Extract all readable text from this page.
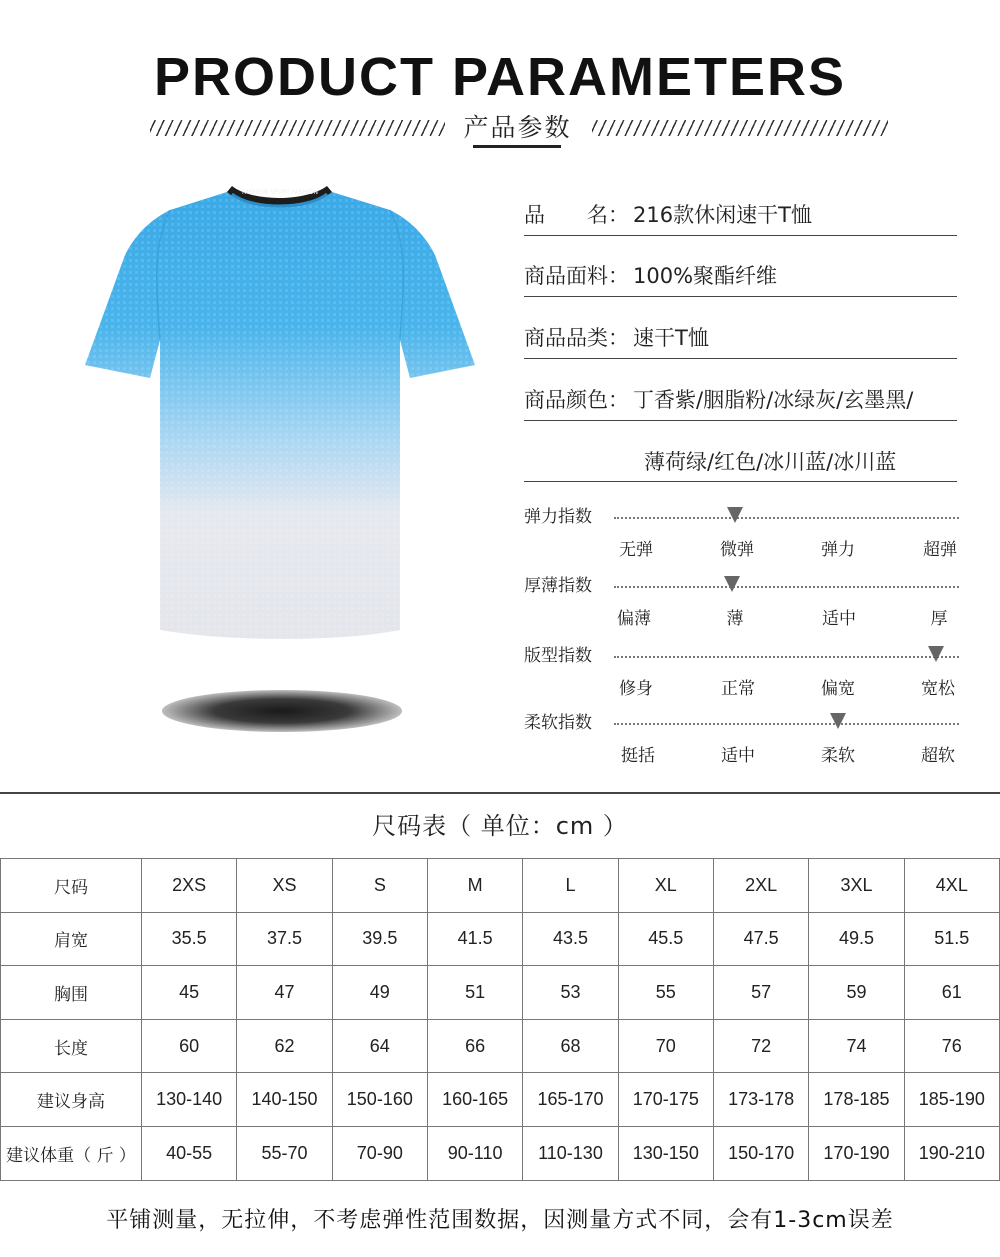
PRODUCT PARAMETERS
产品参数
FASHION SPORT FASHION
品　　名： 216款休闲速干T恤
商品面料： 100%聚酯纤维
商品品类： 速干T恤
商品颜色： 丁香紫/胭脂粉/冰绿灰/玄墨黑/
薄荷绿/红色/冰川蓝/冰川蓝
弹力指数
无弹	微弹	弹力	超弹
厚薄指数
偏薄	薄	适中	厚
版型指数
修身	正常	偏宽	宽松
柔软指数
挺括	适中	柔软	超软
尺码表（ 单位：cm ）
尺码	2XS	XS	S	M	L	XL	2XL	3XL	4XL
肩宽	35.5	37.5	39.5	41.5	43.5	45.5	47.5	49.5	51.5
胸围	45	47	49	51	53	55	57	59	61
长度	60	62	64	66	68	70	72	74	76
建议身高	130-140	140-150	150-160	160-165	165-170	170-175	173-178	178-185	185-190
建议体重（ 斤 ）	40-55	55-70	70-90	90-110	110-130	130-150	150-170	170-190	190-210
平铺测量，无拉伸，不考虑弹性范围数据，因测量方式不同，会有1-3cm误差
